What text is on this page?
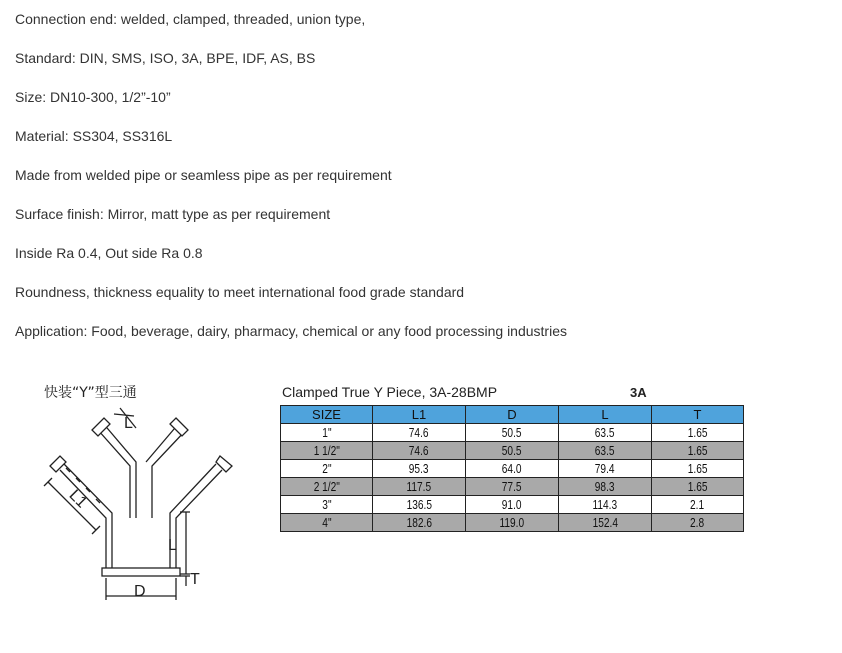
Connection end: welded, clamped, threaded, union type,
Standard: DIN, SMS, ISO, 3A, BPE, IDF, AS, BS
Size: DN10-300, 1/2”-10”
Material: SS304, SS316L
Made from welded pipe or seamless pipe as per requirement
Surface finish: Mirror, matt type as per requirement
Inside Ra 0.4, Out side Ra 0.8
Roundness, thickness equality to meet international food grade standard
Application: Food, beverage, dairy, pharmacy, chemical or any food processing industries
快装“Y”型三通
L
L1
L
T
D
Clamped True Y Piece, 3A-28BMP	3A
SIZE	L1	D	L	T
1"	74.6	50.5	63.5	1.65
1 1/2"	74.6	50.5	63.5	1.65
2"	95.3	64.0	79.4	1.65
2 1/2"	117.5	77.5	98.3	1.65
3"	136.5	91.0	114.3	2.1
4"	182.6	119.0	152.4	2.8
